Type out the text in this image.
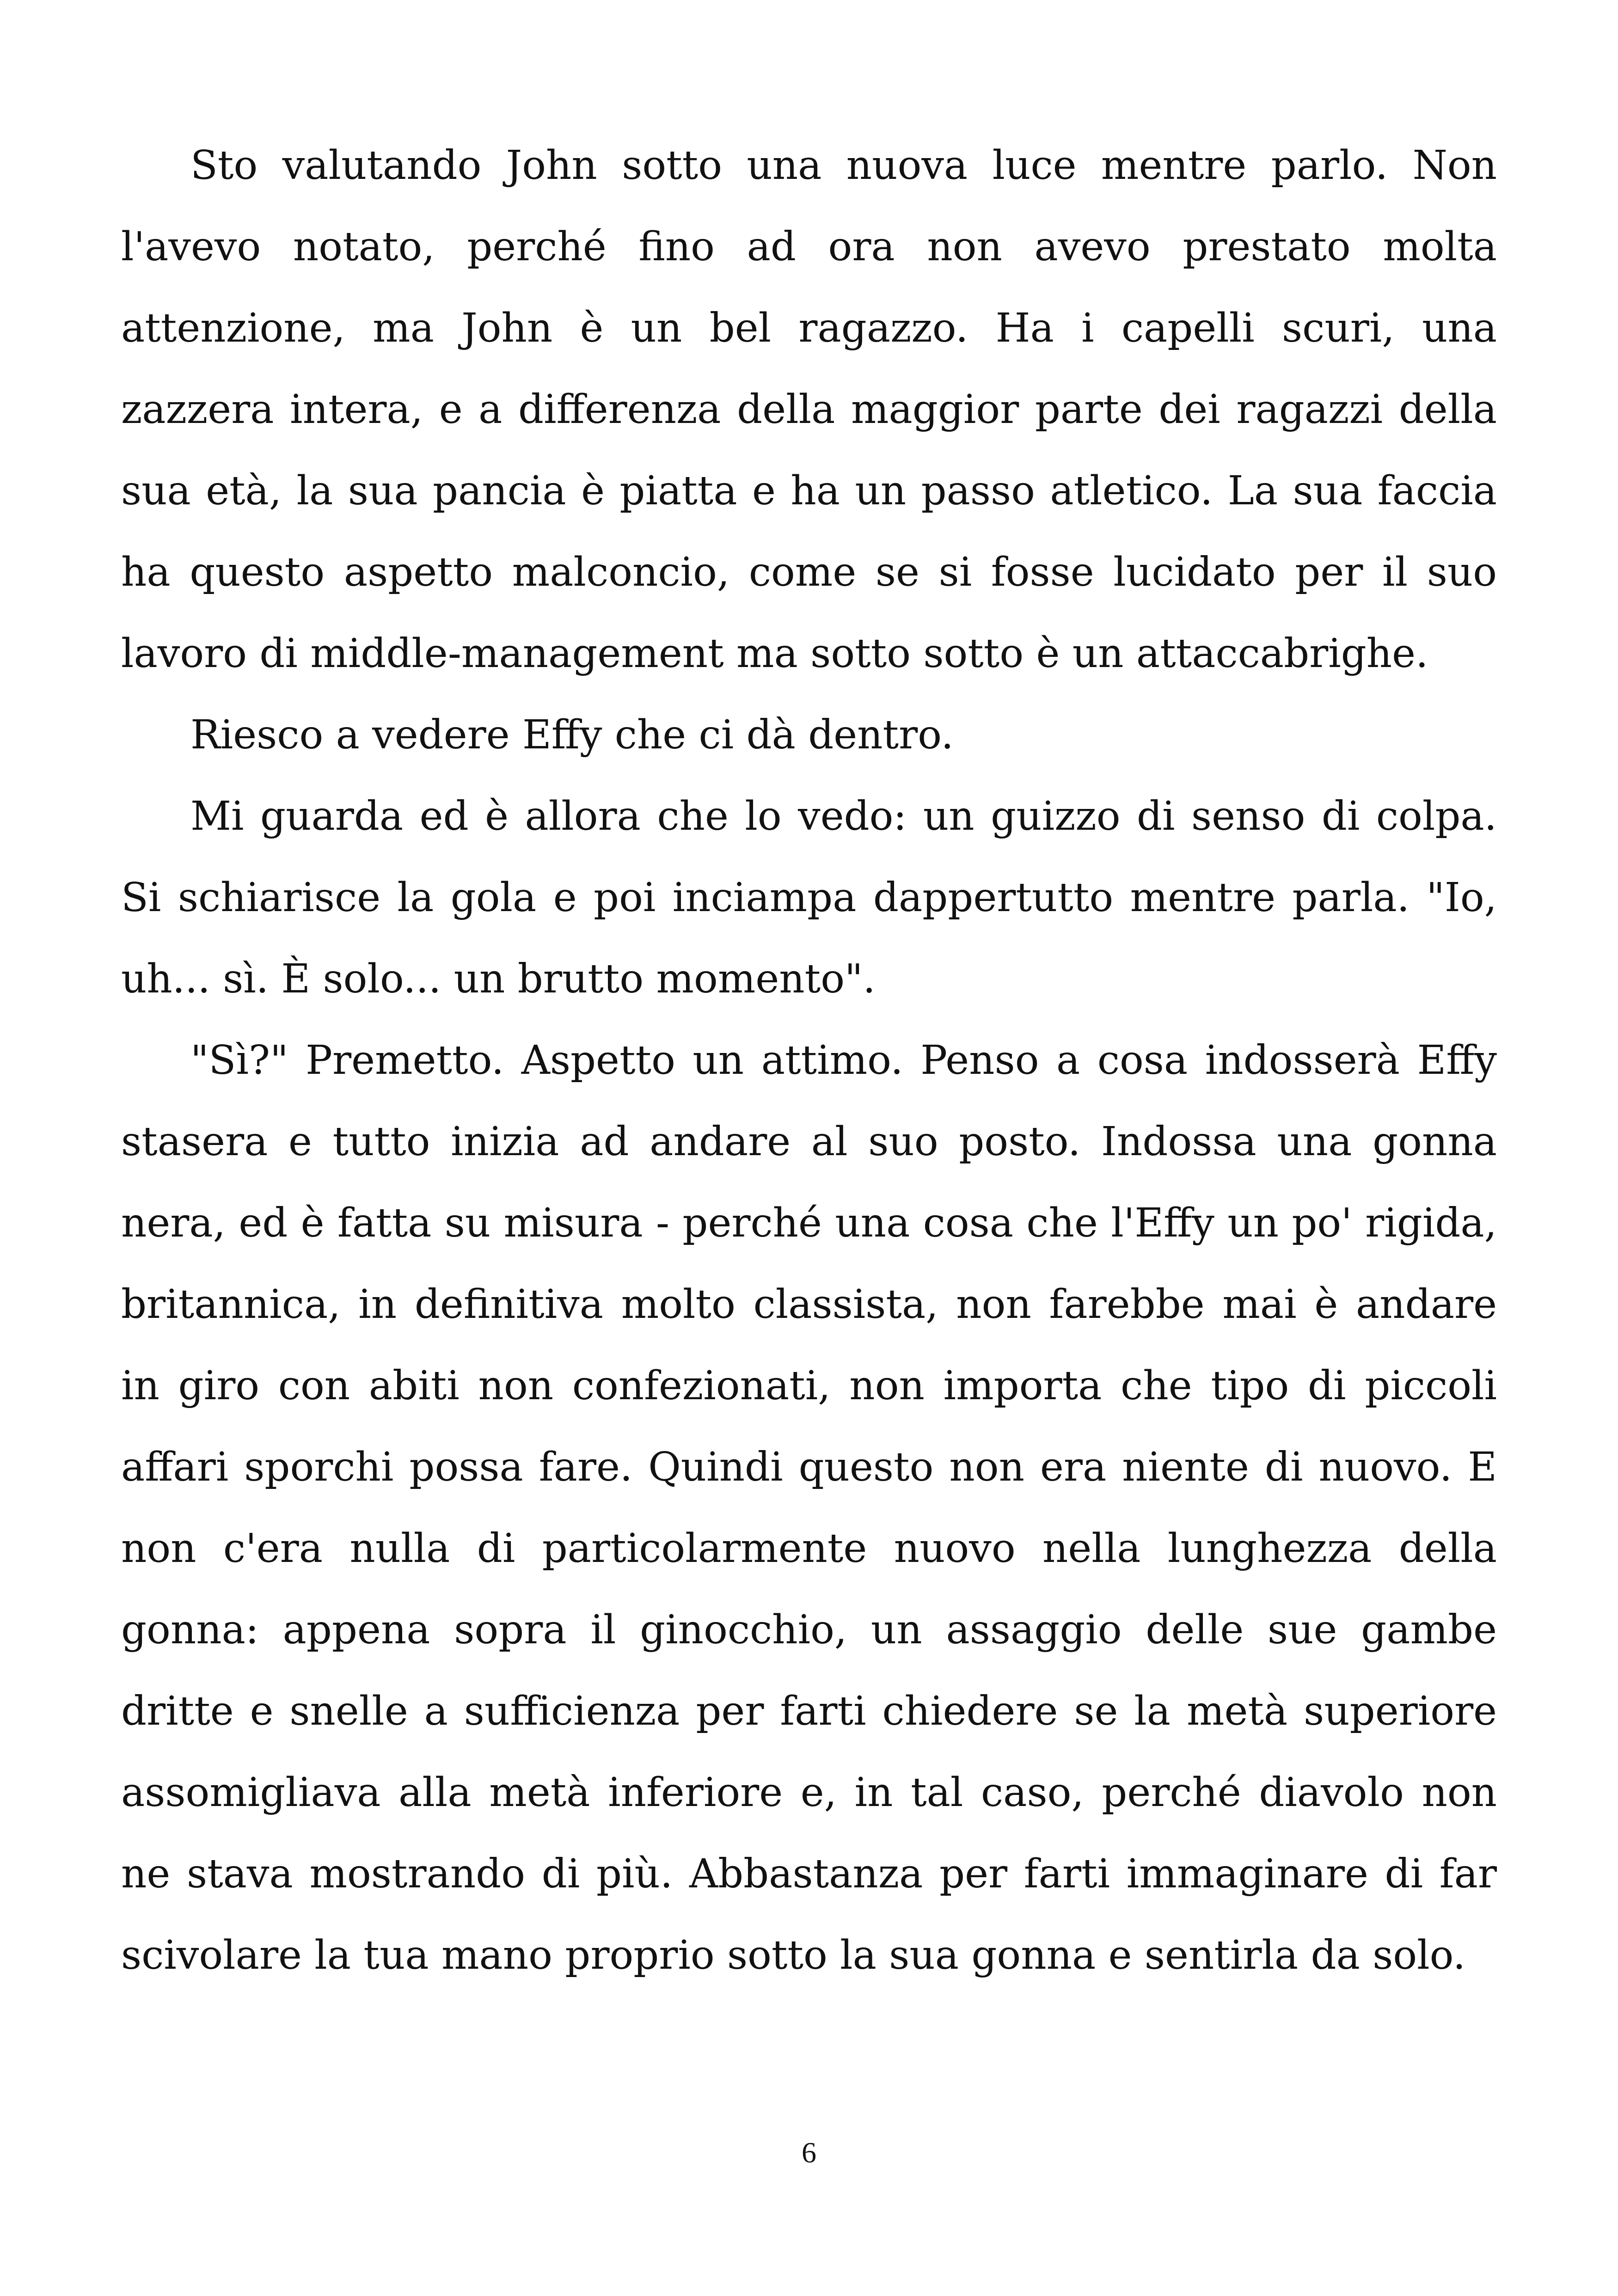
Sto valutando John sotto una nuova luce mentre parlo. Non l'avevo notato, perché fino ad ora non avevo prestato molta attenzione, ma John è un bel ragazzo. Ha i capelli scuri, una zazzera intera, e a differenza della maggior parte dei ragazzi della sua età, la sua pancia è piatta e ha un passo atletico. La sua faccia ha questo aspetto malconcio, come se si fosse lucidato per il suo lavoro di middle-management ma sotto sotto è un attaccabrighe.

Riesco a vedere Effy che ci dà dentro.

Mi guarda ed è allora che lo vedo: un guizzo di senso di colpa. Si schiarisce la gola e poi inciampa dappertutto mentre parla. "Io, uh... sì. È solo... un brutto momento".

"Sì?" Premetto. Aspetto un attimo. Penso a cosa indosserà Effy stasera e tutto inizia ad andare al suo posto. Indossa una gonna nera, ed è fatta su misura - perché una cosa che l'Effy un po' rigida, britannica, in definitiva molto classista, non farebbe mai è andare in giro con abiti non confezionati, non importa che tipo di piccoli affari sporchi possa fare. Quindi questo non era niente di nuovo. E non c'era nulla di particolarmente nuovo nella lunghezza della gonna: appena sopra il ginocchio, un assaggio delle sue gambe dritte e snelle a sufficienza per farti chiedere se la metà superiore assomigliava alla metà inferiore e, in tal caso, perché diavolo non ne stava mostrando di più. Abbastanza per farti immaginare di far scivolare la tua mano proprio sotto la sua gonna e sentirla da solo.

6
